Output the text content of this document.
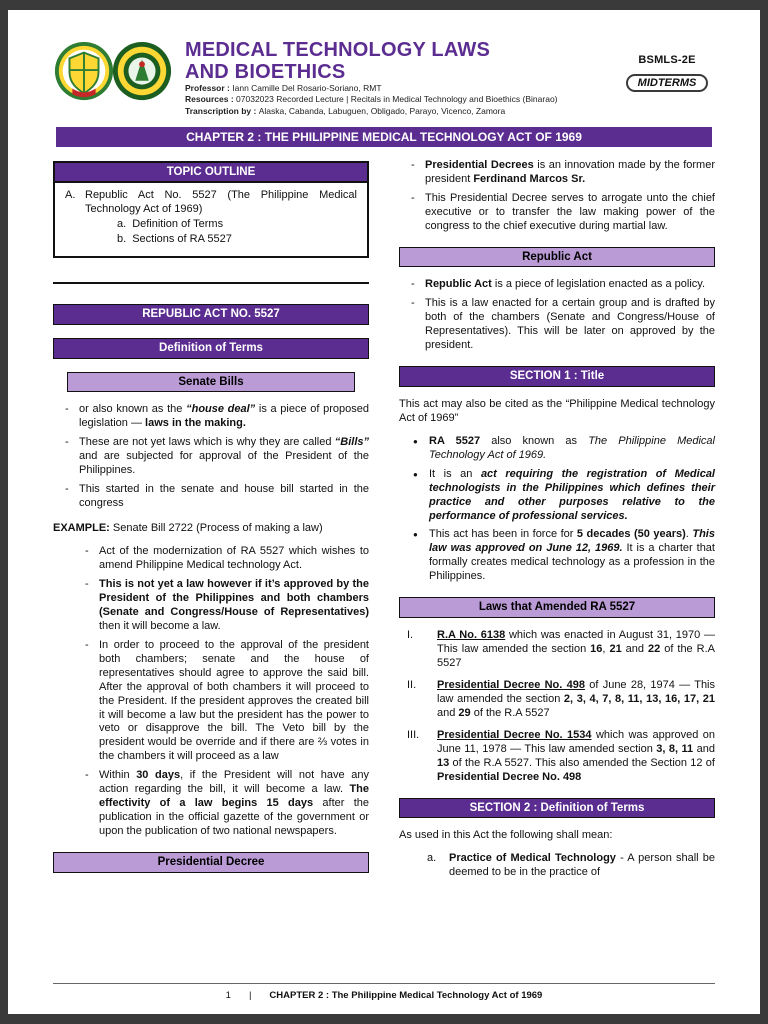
MEDICAL TECHNOLOGY LAWS
AND BIOETHICS
Professor : Iann Camille Del Rosario-Soriano, RMT
Resources : 07032023 Recorded Lecture | Recitals in Medical Technology and Bioethics (Binarao)
Transcription by : Alaska, Cabanda, Labuguen, Obligado, Parayo, Vicenco, Zamora
BSMLS-2E
MIDTERMS
CHAPTER 2 : THE PHILIPPINE MEDICAL TECHNOLOGY ACT OF 1969
TOPIC OUTLINE
A. Republic Act No. 5527 (The Philippine Medical Technology Act of 1969)
a. Definition of Terms
b. Sections of RA 5527
REPUBLIC ACT NO. 5527
Definition of Terms
Senate Bills
- or also known as the “house deal” is a piece of proposed legislation — laws in the making.
- These are not yet laws which is why they are called “Bills” and are subjected for approval of the President of the Philippines.
- This started in the senate and house bill started in the congress

EXAMPLE: Senate Bill 2722 (Process of making a law)

- Act of the modernization of RA 5527 which wishes to amend Philippine Medical technology Act.
- This is not yet a law however if it’s approved by the President of the Philippines and both chambers (Senate and Congress/House of Representatives) then it will become a law.
- In order to proceed to the approval of the president both chambers; senate and the house of representatives should agree to approve the said bill. After the approval of both chambers it will proceed to the President. If the president approves the created bill it will become a law but the president has the power to veto or disapprove the bill. The Veto bill by the president would be override and if there are ⅔ votes in the chambers it will proceed as a law
- Within 30 days, if the President will not have any action regarding the bill, it will become a law. The effectivity of a law begins 15 days after the publication in the official gazette of the government or upon the publication of two national newspapers.
Presidential Decree
- Presidential Decrees is an innovation made by the former president Ferdinand Marcos Sr.
- This Presidential Decree serves to arrogate unto the chief executive or to transfer the law making power of the congress to the chief executive during martial law.
Republic Act
- Republic Act is a piece of legislation enacted as a policy.
- This is a law enacted for a certain group and is drafted by both of the chambers (Senate and Congress/House of Representatives). This will be later on approved by the president.
SECTION 1 : Title

This act may also be cited as the “Philippine Medical technology Act of 1969”

●	RA 5527 also known as The Philippine Medical Technology Act of 1969.
●	It is an act requiring the registration of Medical technologists in the Philippines which defines their practice and other purposes relative to the performance of professional services.
●	This act has been in force for 5 decades (50 years). This law was approved on June 12, 1969. It is a charter that formally creates medical technology as a profession in the Philippines.
Laws that Amended RA 5527
I.	R.A No. 6138 which was enacted in August 31, 1970 — This law amended the section 16, 21 and 22 of the R.A 5527
II.	Presidential Decree No. 498 of June 28, 1974 — This law amended the section 2, 3, 4, 7, 8, 11, 13, 16, 17, 21 and 29 of the R.A 5527
III.	Presidential Decree No. 1534 which was approved on June 11, 1978 — This law amended section 3, 8, 11 and 13 of the R.A 5527. This also amended the Section 12 of Presidential Decree No. 498
SECTION 2 : Definition of Terms

As used in this Act the following shall mean:

a.	Practice of Medical Technology - A person shall be deemed to be in the practice of
1 | CHAPTER 2 : The Philippine Medical Technology Act of 1969
